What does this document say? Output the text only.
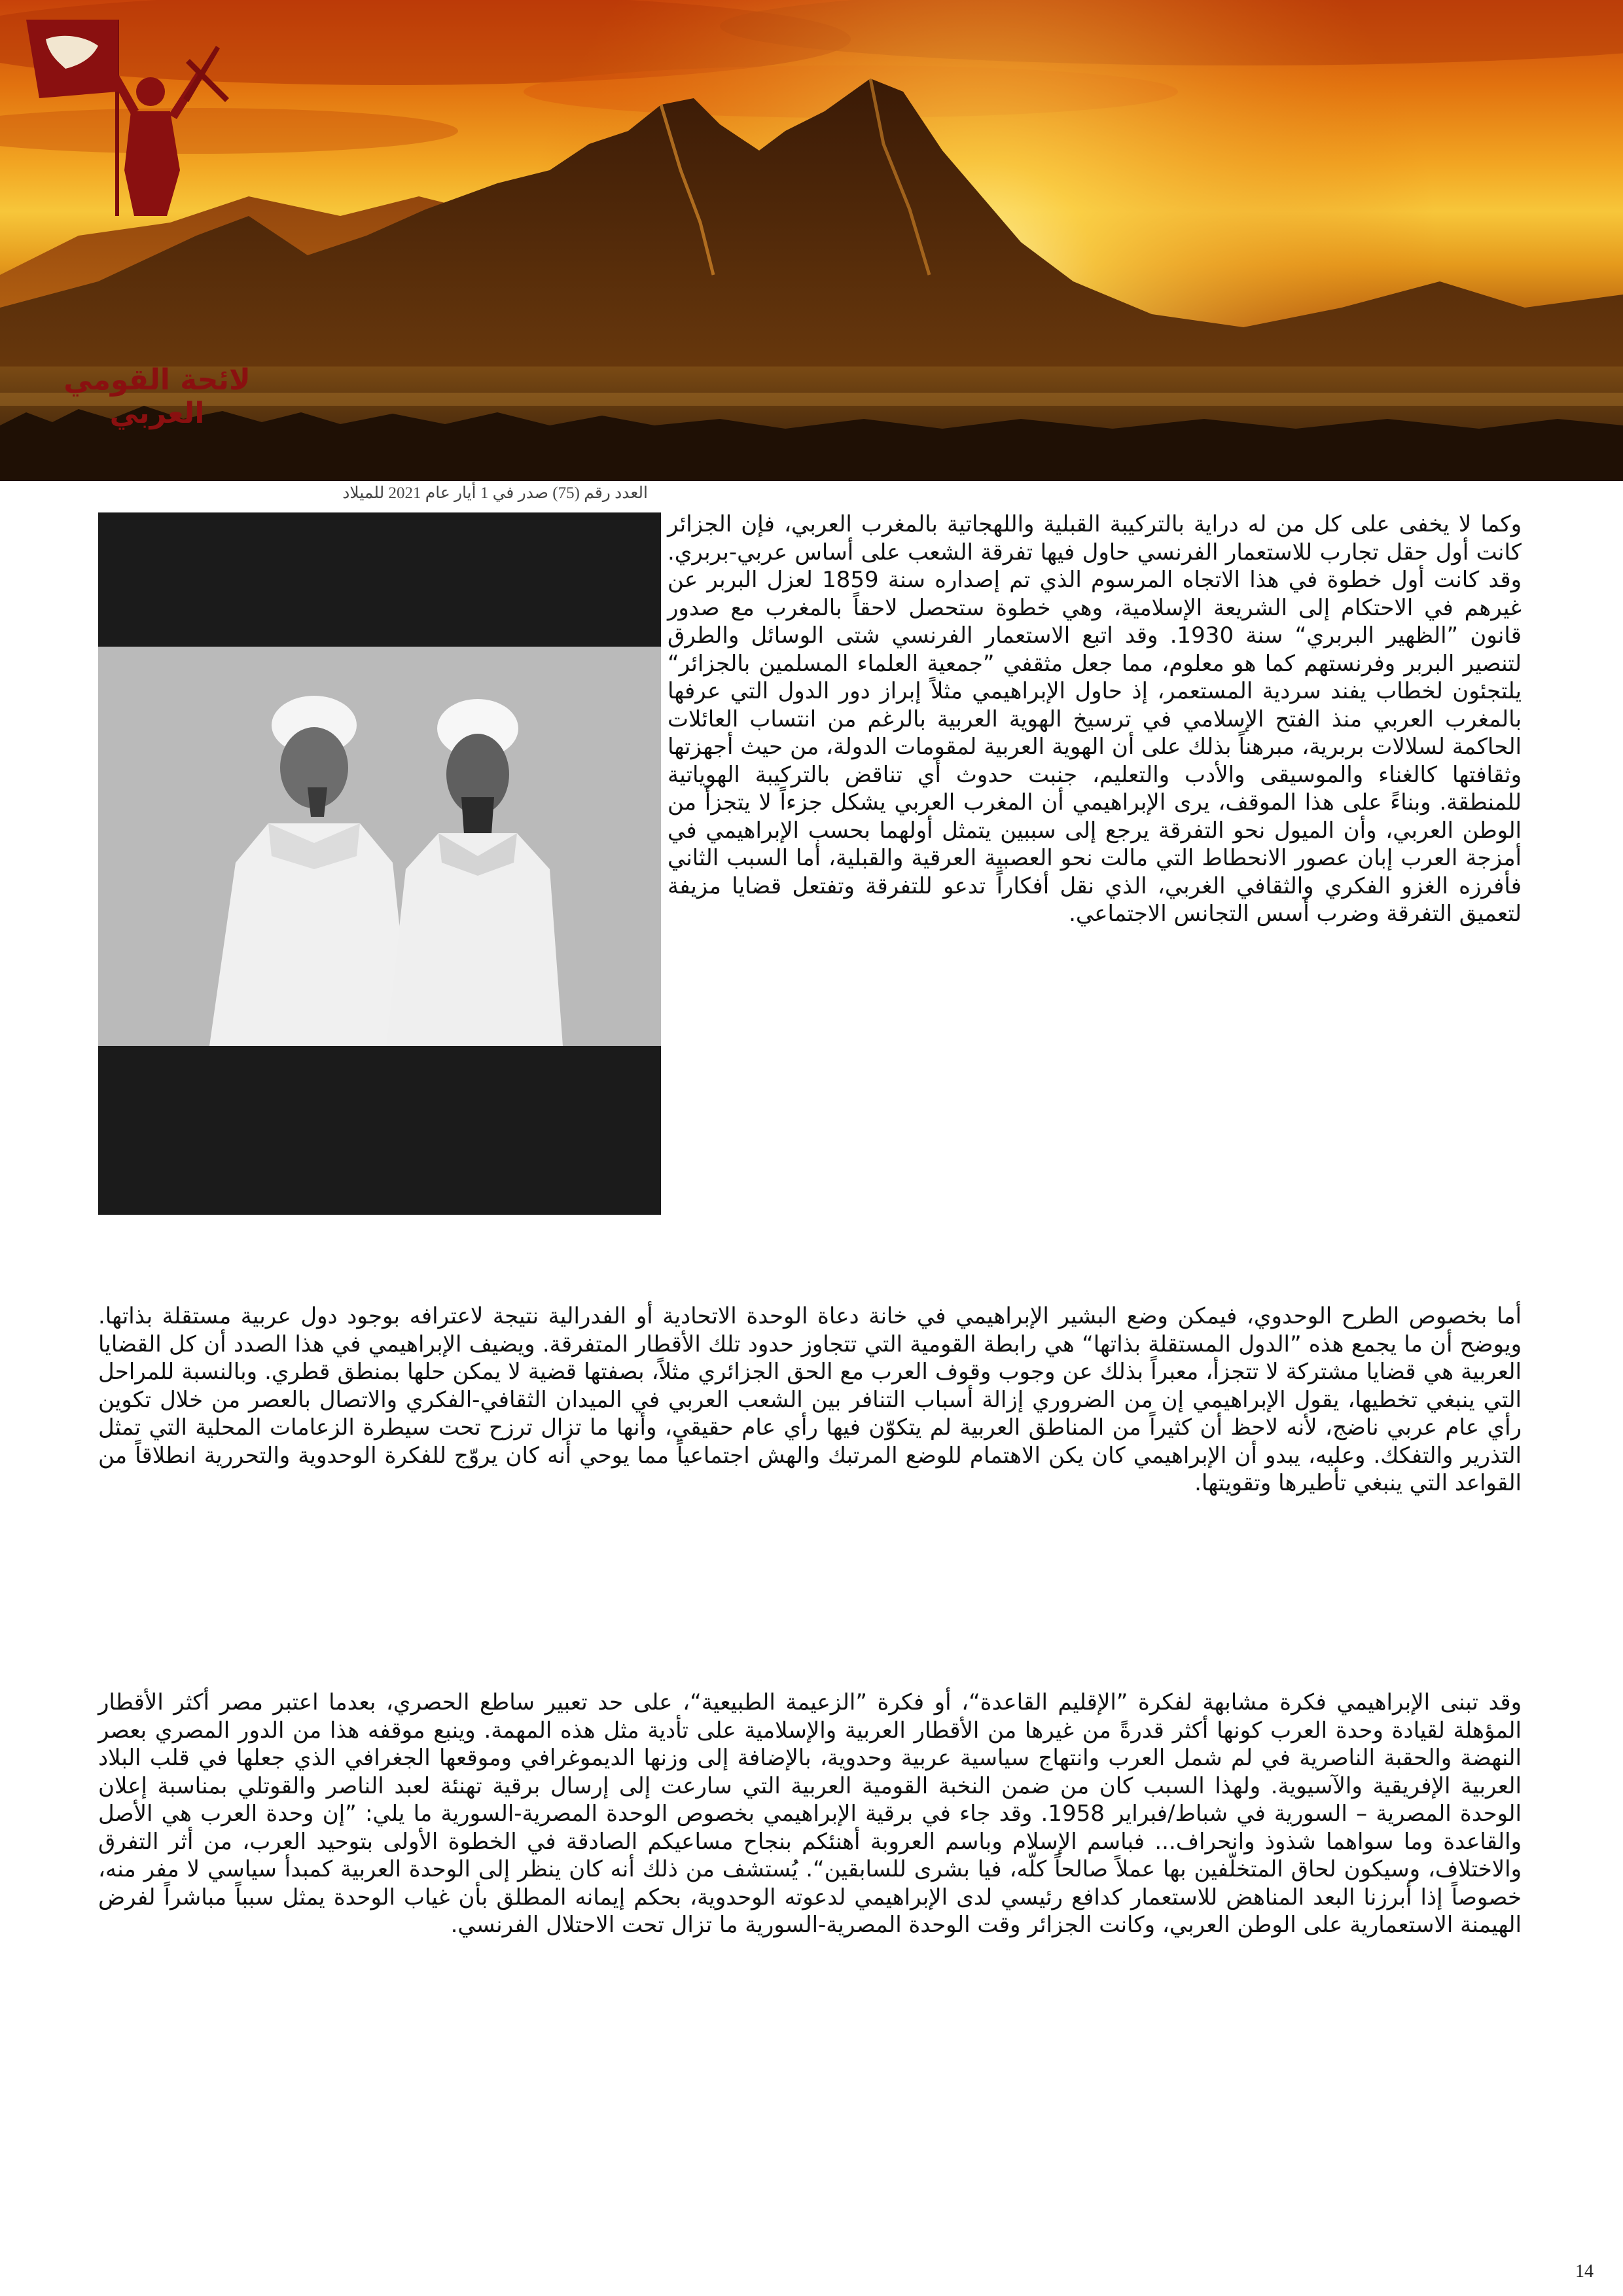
لائحة القومي العربي
العدد رقم (75) صدر في 1 أيار عام 2021 للميلاد

وكما لا يخفى على كل من له دراية بالتركيبة القبلية واللهجاتية بالمغرب العربي، فإن الجزائر كانت أول حقل تجارب للاستعمار الفرنسي حاول فيها تفرقة الشعب على أساس عربي-بربري. وقد كانت أول خطوة في هذا الاتجاه المرسوم الذي تم إصداره سنة 1859 لعزل البربر عن غيرهم في الاحتكام إلى الشريعة الإسلامية، وهي خطوة ستحصل لاحقاً بالمغرب مع صدور قانون ”الظهير البربري“ سنة 1930. وقد اتبع الاستعمار الفرنسي شتى الوسائل والطرق لتنصير البربر وفرنستهم كما هو معلوم، مما جعل مثقفي ”جمعية العلماء المسلمين بالجزائر“ يلتجئون لخطاب يفند سردية المستعمر، إذ حاول الإبراهيمي مثلاً إبراز دور الدول التي عرفها بالمغرب العربي منذ الفتح الإسلامي في ترسيخ الهوية العربية بالرغم من انتساب العائلات الحاكمة لسلالات بربرية، مبرهناً بذلك على أن الهوية العربية لمقومات الدولة، من حيث أجهزتها وثقافتها كالغناء والموسيقى والأدب والتعليم، جنبت حدوث أي تناقض بالتركيبة الهوياتية للمنطقة. وبناءً على هذا الموقف، يرى الإبراهيمي أن المغرب العربي يشكل جزءاً لا يتجزأ من الوطن العربي، وأن الميول نحو التفرقة يرجع إلى سببين يتمثل أولهما بحسب الإبراهيمي في أمزجة العرب إبان عصور الانحطاط التي مالت نحو العصبية العرقية والقبلية، أما السبب الثاني فأفرزه الغزو الفكري والثقافي الغربي، الذي نقل أفكاراً تدعو للتفرقة وتفتعل قضايا مزيفة لتعميق التفرقة وضرب أسس التجانس الاجتماعي.

أما بخصوص الطرح الوحدوي، فيمكن وضع البشير الإبراهيمي في خانة دعاة الوحدة الاتحادية أو الفدرالية نتيجة لاعترافه بوجود دول عربية مستقلة بذاتها. ويوضح أن ما يجمع هذه ”الدول المستقلة بذاتها“ هي رابطة القومية التي تتجاوز حدود تلك الأقطار المتفرقة. ويضيف الإبراهيمي في هذا الصدد أن كل القضايا العربية هي قضايا مشتركة لا تتجزأ، معبراً بذلك عن وجوب وقوف العرب مع الحق الجزائري مثلاً، بصفتها قضية لا يمكن حلها بمنطق قطري. وبالنسبة للمراحل التي ينبغي تخطيها، يقول الإبراهيمي إن من الضروري إزالة أسباب التنافر بين الشعب العربي في الميدان الثقافي-الفكري والاتصال بالعصر من خلال تكوين رأي عام عربي ناضج، لأنه لاحظ أن كثيراً من المناطق العربية لم يتكوّن فيها رأي عام حقيقي، وأنها ما تزال ترزح تحت سيطرة الزعامات المحلية التي تمثل التذرير والتفكك. وعليه، يبدو أن الإبراهيمي كان يكن الاهتمام للوضع المرتبك والهش اجتماعياً مما يوحي أنه كان يروّج للفكرة الوحدوية والتحررية انطلاقاً من القواعد التي ينبغي تأطيرها وتقويتها.

وقد تبنى الإبراهيمي فكرة مشابهة لفكرة ”الإقليم القاعدة“، أو فكرة ”الزعيمة الطبيعية“، على حد تعبير ساطع الحصري، بعدما اعتبر مصر أكثر الأقطار المؤهلة لقيادة وحدة العرب كونها أكثر قدرةً من غيرها من الأقطار العربية والإسلامية على تأدية مثل هذه المهمة. وينبع موقفه هذا من الدور المصري بعصر النهضة والحقبة الناصرية في لم شمل العرب وانتهاج سياسية عربية وحدوية، بالإضافة إلى وزنها الديموغرافي وموقعها الجغرافي الذي جعلها في قلب البلاد العربية الإفريقية والآسيوية. ولهذا السبب كان من ضمن النخبة القومية العربية التي سارعت إلى إرسال برقية تهنئة لعبد الناصر والقوتلي بمناسبة إعلان الوحدة المصرية – السورية في شباط/فبراير 1958. وقد جاء في برقية الإبراهيمي بخصوص الوحدة المصرية-السورية ما يلي: ”إن وحدة العرب هي الأصل والقاعدة وما سواهما شذوذ وانحراف... فباسم الإسلام وباسم العروبة أهنئكم بنجاح مساعيكم الصادقة في الخطوة الأولى بتوحيد العرب، من أثر التفرق والاختلاف، وسيكون لحاق المتخلّفين بها عملاً صالحاً كلّه، فيا بشرى للسابقين“. يُستشف من ذلك أنه كان ينظر إلى الوحدة العربية كمبدأ سياسي لا مفر منه، خصوصاً إذا أبرزنا البعد المناهض للاستعمار كدافع رئيسي لدى الإبراهيمي لدعوته الوحدوية، بحكم إيمانه المطلق بأن غياب الوحدة يمثل سبباً مباشراً لفرض الهيمنة الاستعمارية على الوطن العربي، وكانت الجزائر وقت الوحدة المصرية-السورية ما تزال تحت الاحتلال الفرنسي.

14
